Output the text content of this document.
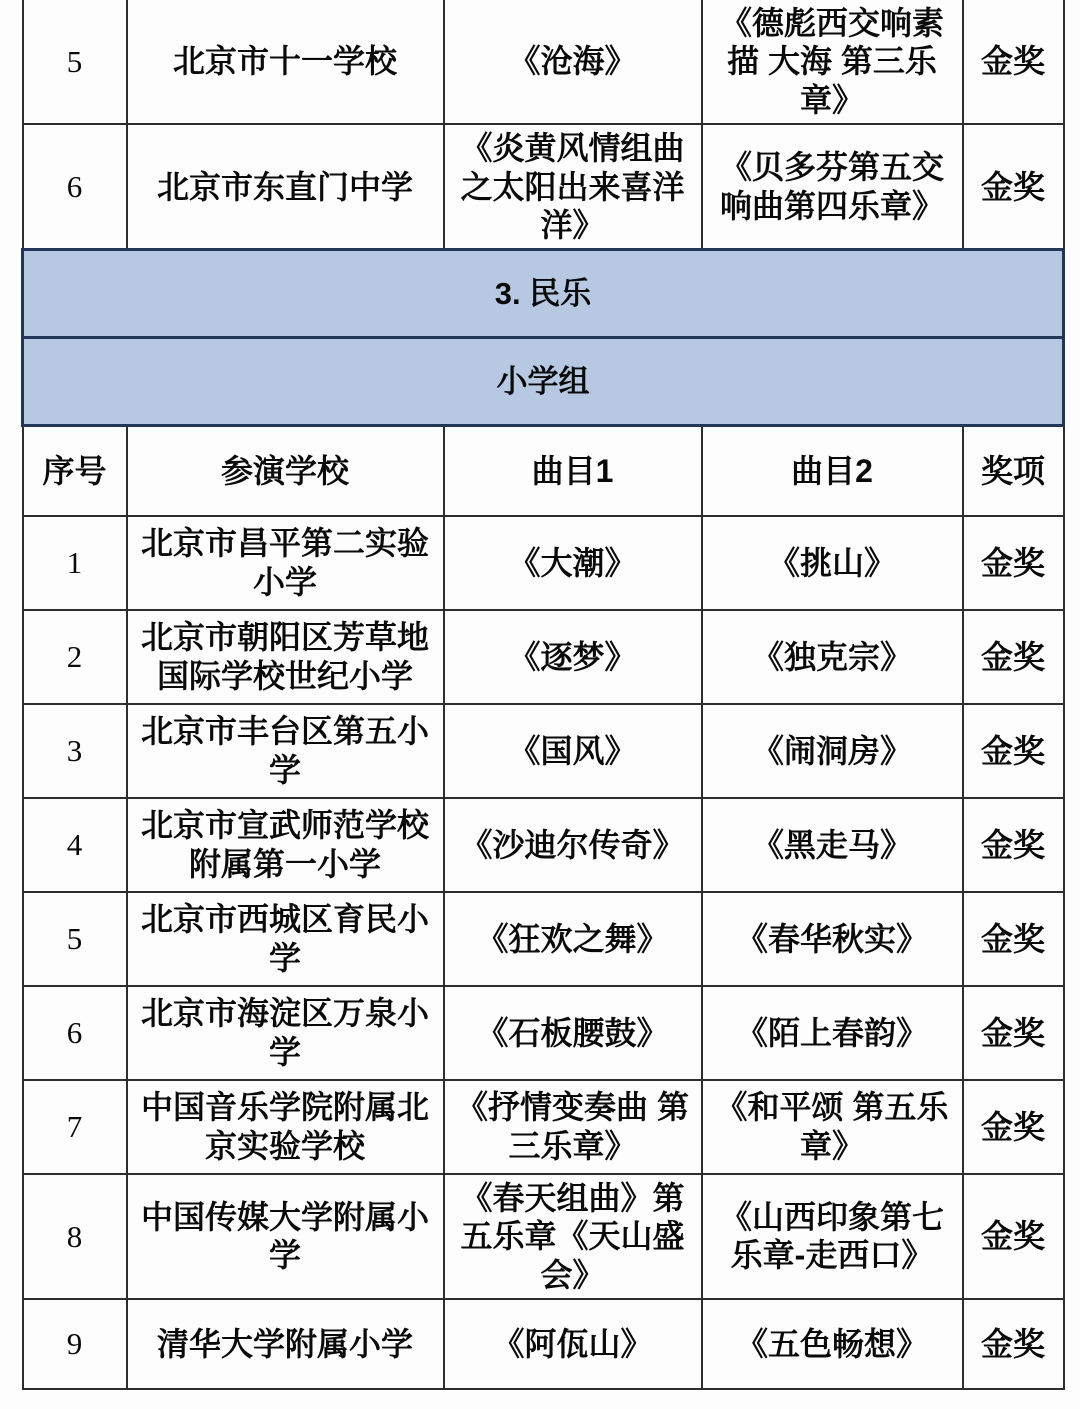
5	北京市十一学校	《沧海》	《德彪西交响素描 大海 第三乐章》	金奖
6	北京市东直门中学	《炎黄风情组曲之太阳出来喜洋洋》	《贝多芬第五交响曲第四乐章》	金奖
3. 民乐				
小学组				
序号	参演学校	曲目1	曲目2	奖项
1	北京市昌平第二实验小学	《大潮》	《挑山》	金奖
2	北京市朝阳区芳草地国际学校世纪小学	《逐梦》	《独克宗》	金奖
3	北京市丰台区第五小学	《国风》	《闹洞房》	金奖
4	北京市宣武师范学校附属第一小学	《沙迪尔传奇》	《黑走马》	金奖
5	北京市西城区育民小学	《狂欢之舞》	《春华秋实》	金奖
6	北京市海淀区万泉小学	《石板腰鼓》	《陌上春韵》	金奖
7	中国音乐学院附属北京实验学校	《抒情变奏曲 第三乐章》	《和平颂 第五乐章》	金奖
8	中国传媒大学附属小学	《春天组曲》第五乐章《天山盛会》	《山西印象第七乐章-走西口》	金奖
9	清华大学附属小学	《阿佤山》	《五色畅想》	金奖
